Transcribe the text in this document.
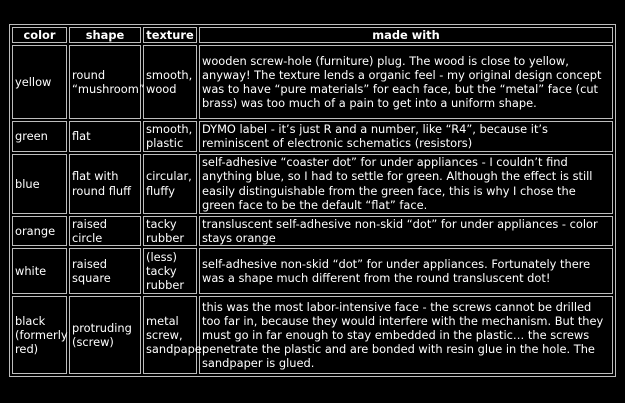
color	shape	texture	made with
yellow	round “mushroom”	smooth, wood	wooden screw-hole (furniture) plug. The wood is close to yellow, anyway! The texture lends a organic feel - my original design concept was to have “pure materials” for each face, but the “metal” face (cut brass) was too much of a pain to get into a uniform shape.
green	flat	smooth, plastic	DYMO label - it’s just R and a number, like “R4”, because it’s reminiscent of electronic schematics (resistors)
blue	flat with round fluff	circular, fluffy	self-adhesive “coaster dot” for under appliances - I couldn’t find anything blue, so I had to settle for green. Although the effect is still easily distinguishable from the green face, this is why I chose the green face to be the default “flat” face.
orange	raised circle	tacky rubber	transluscent self-adhesive non-skid “dot” for under appliances - color stays orange
white	raised square	(less) tacky rubber	self-adhesive non-skid “dot” for under appliances. Fortunately there was a shape much different from the round transluscent dot!
black (formerly red)	protruding (screw)	metal screw, sandpaper	this was the most labor-intensive face - the screws cannot be drilled too far in, because they would interfere with the mechanism. But they must go in far enough to stay embedded in the plastic… the screws penetrate the plastic and are bonded with resin glue in the hole. The sandpaper is glued.
